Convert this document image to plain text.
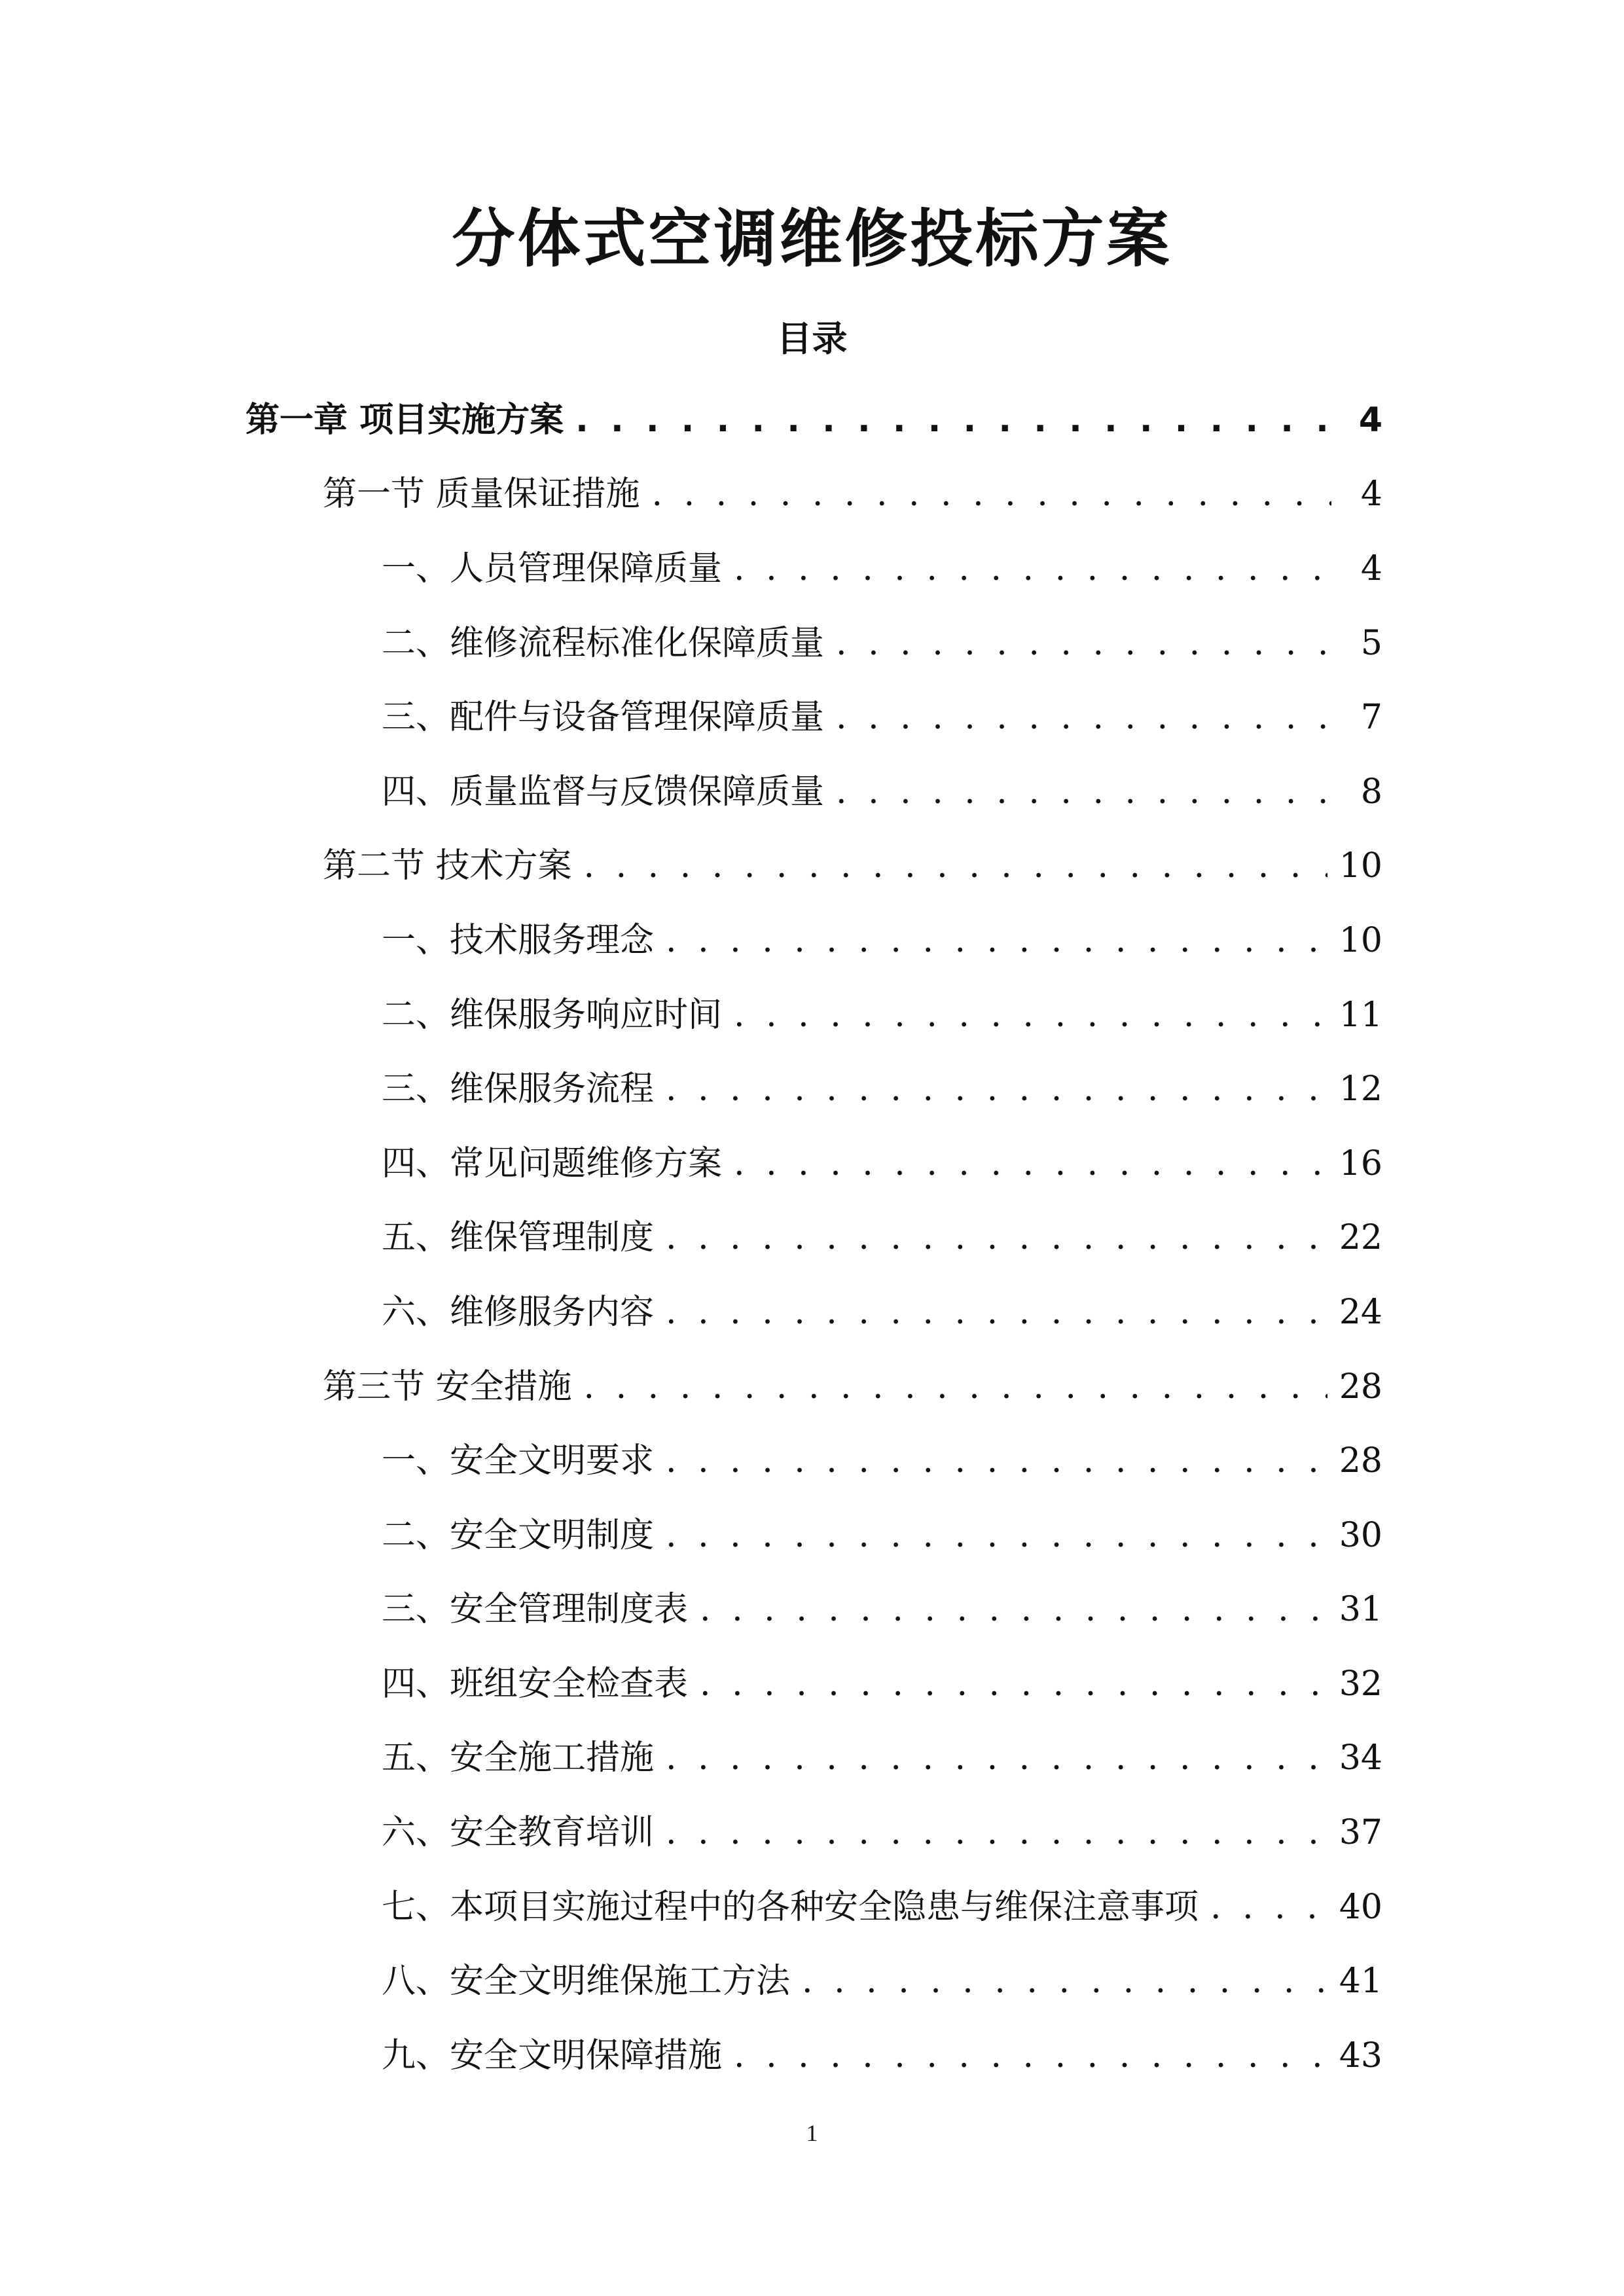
分体式空调维修投标方案
目录
第一章 项目实施方案 . . .	4
第一节 质量保证措施 . . .	4
一、人员管理保障质量 . . .	4
二、维修流程标准化保障质量 . . .	5
三、配件与设备管理保障质量 . . .	7
四、质量监督与反馈保障质量 . . .	8
第二节 技术方案 . . .	10
一、技术服务理念 . . .	10
二、维保服务响应时间 . . .	11
三、维保服务流程 . . .	12
四、常见问题维修方案 . . .	16
五、维保管理制度 . . .	22
六、维修服务内容 . . .	24
第三节 安全措施 . . .	28
一、安全文明要求 . . .	28
二、安全文明制度 . . .	30
三、安全管理制度表 . . .	31
四、班组安全检查表 . . .	32
五、安全施工措施 . . .	34
六、安全教育培训 . . .	37
七、本项目实施过程中的各种安全隐患与维保注意事项 . . .	40
八、安全文明维保施工方法 . . .	41
九、安全文明保障措施 . . .	43
1
